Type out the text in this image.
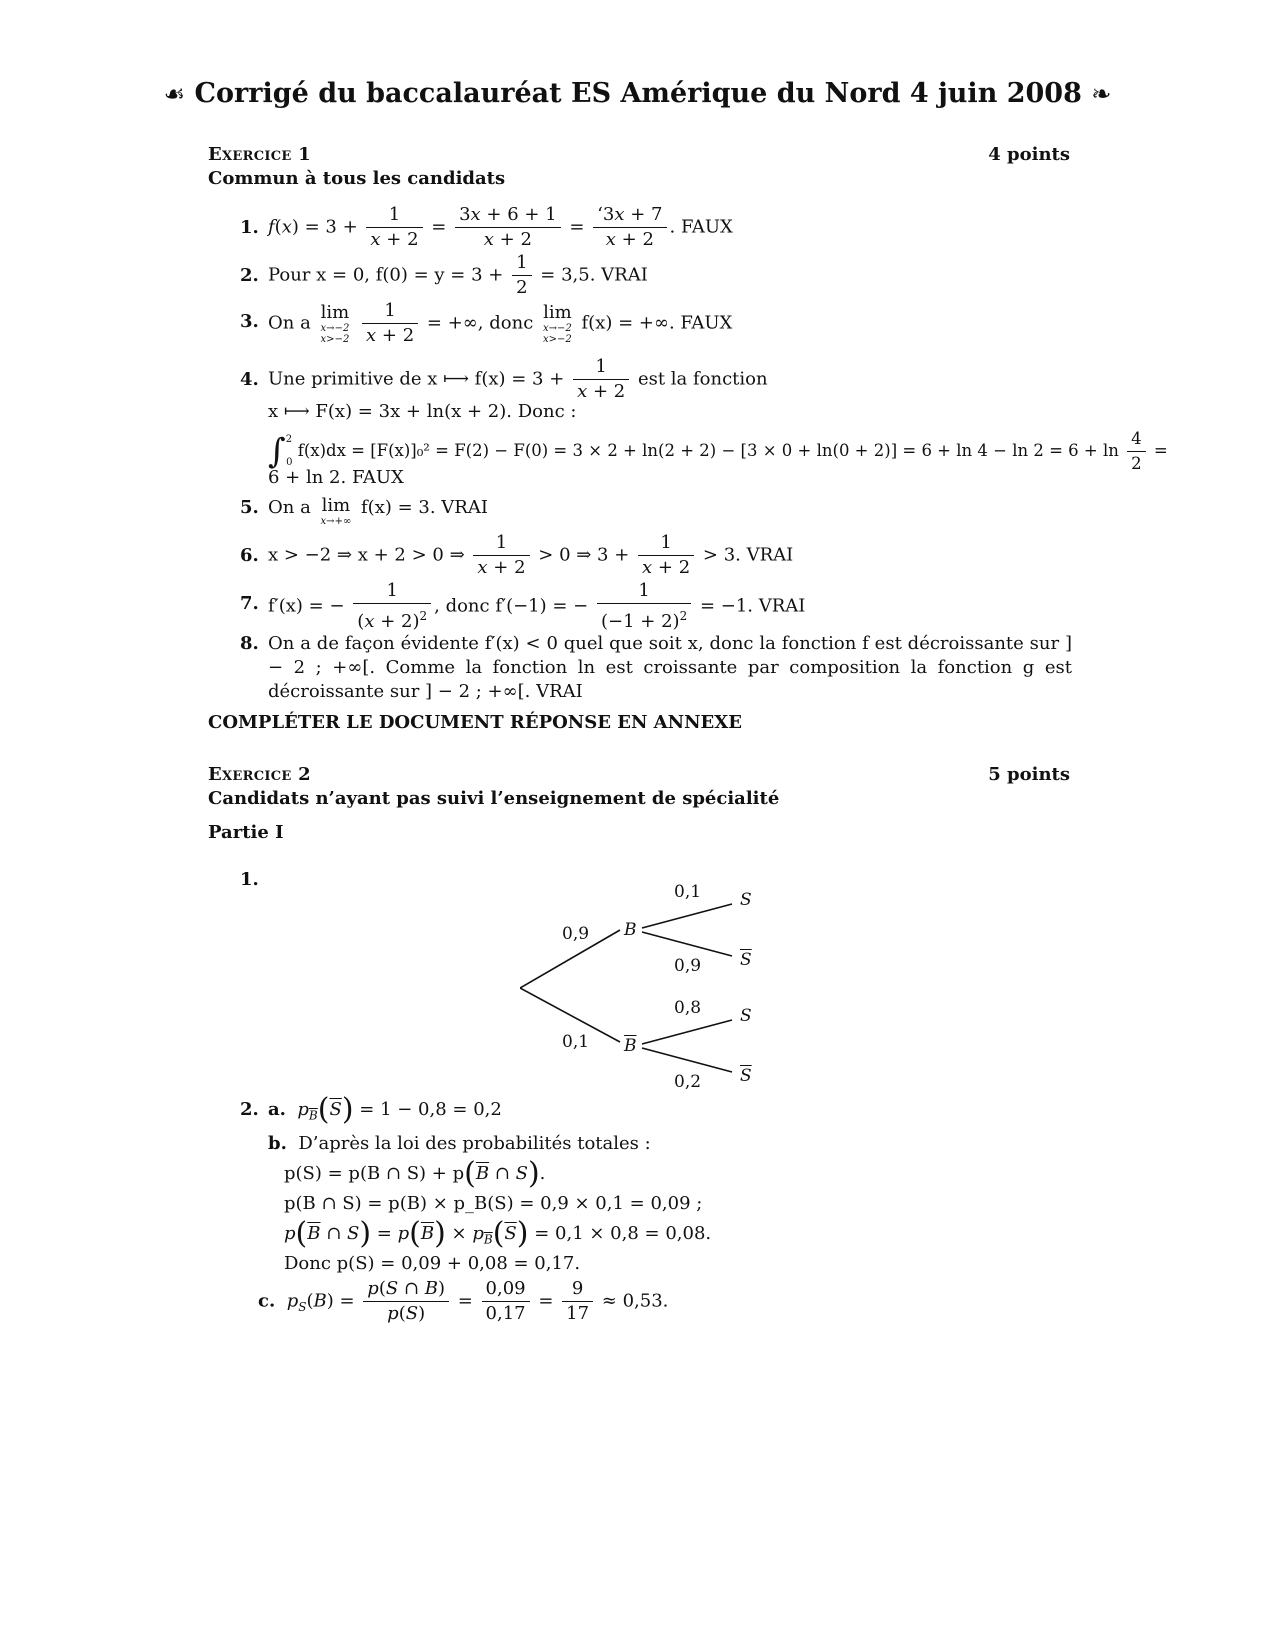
☙ Corrigé du baccalauréat ES Amérique du Nord 4 juin 2008 ❧
Exercice 1	4 points
Commun à tous les candidats
1. $f(x) = 3 + \frac{1}{x + 2} = \frac{3x + 6 + 1}{x + 2} = \frac{‘3x + 7}{x + 2}$ . FAUX
2. Pour x = 0, $f(0) = y = 3 + \frac{1}{2} = 3,5$. VRAI
3. On a lim
x→−2
x>−2
$\frac{1}{x + 2}$ = +∞, donc lim
x→−2
x>−2
f(x) = +∞. FAUX
4. Une primitive de x ⟼ $f(x) = 3 + \frac{1}{x + 2}$ est la fonction
x ⟼ F(x) = 3x + ln(x + 2). Donc :
∫$^2$0 $f(x)dx = [F(x)]_0^2 = F(2) - F(0) = 3 \times 2 + \ln(2 + 2) - [3 \times 0 + \ln(0 + 2)] = 6 + \ln 4 - \ln 2 = 6 + \ln \frac{4}{2}$ =
6 + ln 2. FAUX
5. On a lim
x→+∞
f(x) = 3. VRAI
6. x > −2 ⇒ x + 2 > 0 ⇒ $\frac{1}{x + 2} > 0$ ⇒ $3 + \frac{1}{x + 2} > 3$. VRAI
7. f′(x) = − $\frac{1}{(x + 2)^2}$ , donc f′(−1) = − $\frac{1}{(-1 + 2)^2} = -1$. VRAI
8. On a de façon évidente f′(x) < 0 quel que soit x, donc la fonction f est décroissante sur ] − 2 ; +∞[. Comme la fonction ln est croissante par composition la fonction g est décroissante sur ] − 2 ; +∞[. VRAI
COMPLÉTER LE DOCUMENT RÉPONSE EN ANNEXE
Exercice 2	5 points
Candidats n’ayant pas suivi l’enseignement de spécialité
Partie I
1.
0,9
0,1
B
$\overline{B}$
0,1
0,9
0,8
0,2
S
$\overline{S}$
S
$\overline{S}$
2. a. $p_{\overline{B}}(\overline{S}) = 1 - 0,8 = 0,2$
b. D’après la loi des probabilités totales :
p(S) = p(B ∩ $S) + p(\overline{B}$ ∩ S).
p(B ∩ S) = p(B) × p_B(S) = 0,9 × 0,1 = 0,09 ;
$p(\overline{B}$ ∩ $S) = p(\overline{B}) \times p_{\overline{B}}(\overline{S}) = 0,1 \times 0,8 = 0,08$.
Donc p(S) = 0,09 + 0,08 = 0,17.
c. $p_S(B) = \frac{p(S \cap B)}{p(S)} = \frac{0,09}{0,17} = \frac{9}{17} \approx 0,53$.
